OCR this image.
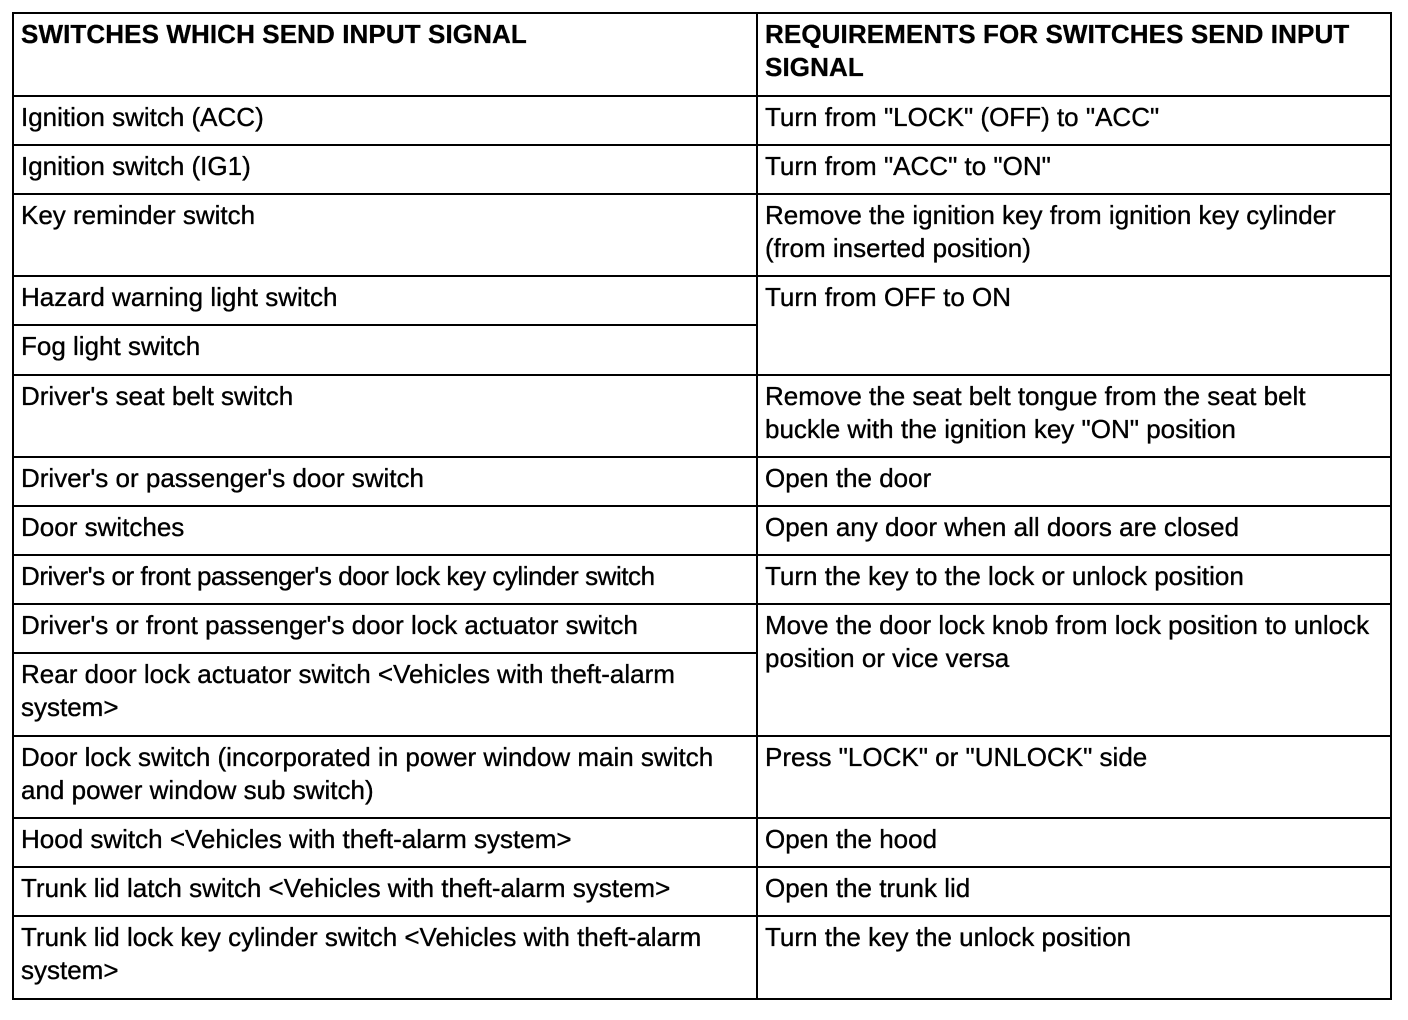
SWITCHES WHICH SEND INPUT SIGNAL	REQUIREMENTS FOR SWITCHES SEND INPUT SIGNAL
Ignition switch (ACC)	Turn from "LOCK" (OFF) to "ACC"
Ignition switch (IG1)	Turn from "ACC" to "ON"
Key reminder switch	Remove the ignition key from ignition key cylinder (from inserted position)
Hazard warning light switch	Turn from OFF to ON
Fog light switch	
Driver's seat belt switch	Remove the seat belt tongue from the seat belt buckle with the ignition key "ON" position
Driver's or passenger's door switch	Open the door
Door switches	Open any door when all doors are closed
Driver's or front passenger's door lock key cylinder switch	Turn the key to the lock or unlock position
Driver's or front passenger's door lock actuator switch	Move the door lock knob from lock position to unlock position or vice versa
Rear door lock actuator switch <Vehicles with theft-alarm system>	
Door lock switch (incorporated in power window main switch and power window sub switch)	Press "LOCK" or "UNLOCK" side
Hood switch <Vehicles with theft-alarm system>	Open the hood
Trunk lid latch switch <Vehicles with theft-alarm system>	Open the trunk lid
Trunk lid lock key cylinder switch <Vehicles with theft-alarm system>	Turn the key the unlock position
